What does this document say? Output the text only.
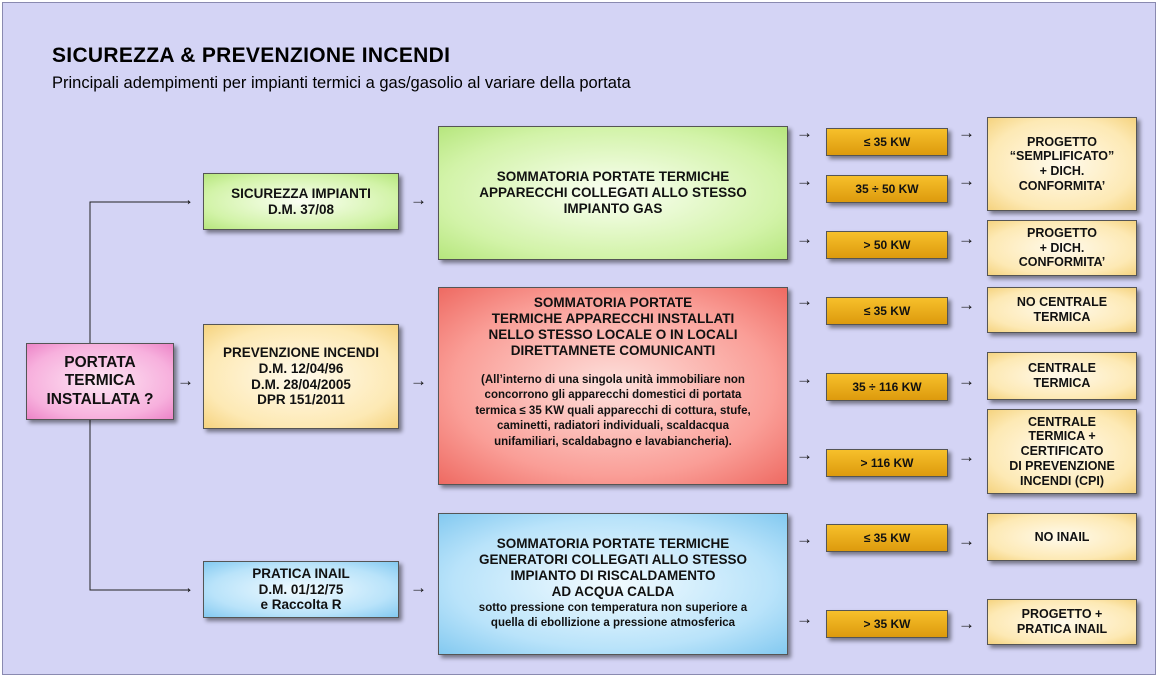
SICUREZZA & PREVENZIONE INCENDI
Principali adempimenti per impianti termici a gas/gasolio al variare della portata
PORTATA
TERMICA
INSTALLATA ?
SICUREZZA IMPIANTI
D.M. 37/08
PREVENZIONE INCENDI
D.M. 12/04/96
D.M. 28/04/2005
DPR 151/2011
PRATICA INAIL
D.M. 01/12/75
e Raccolta R
SOMMATORIA PORTATE TERMICHE
APPARECCHI COLLEGATI ALLO STESSO
IMPIANTO GAS
SOMMATORIA PORTATE
TERMICHE APPARECCHI INSTALLATI
NELLO STESSO LOCALE O IN LOCALI
DIRETTAMNETE COMUNICANTI
(All’interno di una singola unità immobiliare non
concorrono gli apparecchi domestici di portata
termica ≤ 35 KW quali apparecchi di cottura, stufe,
caminetti, radiatori individuali, scaldacqua
unifamiliari, scaldabagno e lavabiancheria).
SOMMATORIA PORTATE TERMICHE
GENERATORI COLLEGATI ALLO STESSO
IMPIANTO DI RISCALDAMENTO
AD ACQUA CALDA
sotto pressione con temperatura non superiore a
quella di ebollizione a pressione atmosferica
≤ 35 KW
35 ÷ 50 KW
> 50 KW
≤ 35 KW
35 ÷ 116 KW
> 116 KW
≤ 35 KW
> 35 KW
PROGETTO
“SEMPLIFICATO”
+ DICH.
CONFORMITA’
PROGETTO
+ DICH.
CONFORMITA’
NO CENTRALE
TERMICA
CENTRALE
TERMICA
CENTRALE
TERMICA +
CERTIFICATO
DI PREVENZIONE
INCENDI (CPI)
NO INAIL
PROGETTO +
PRATICA INAIL
→
→
→
→
→
→
→
→
→
→
→
→
→
→
→
→
→
→
→
→
→
→
